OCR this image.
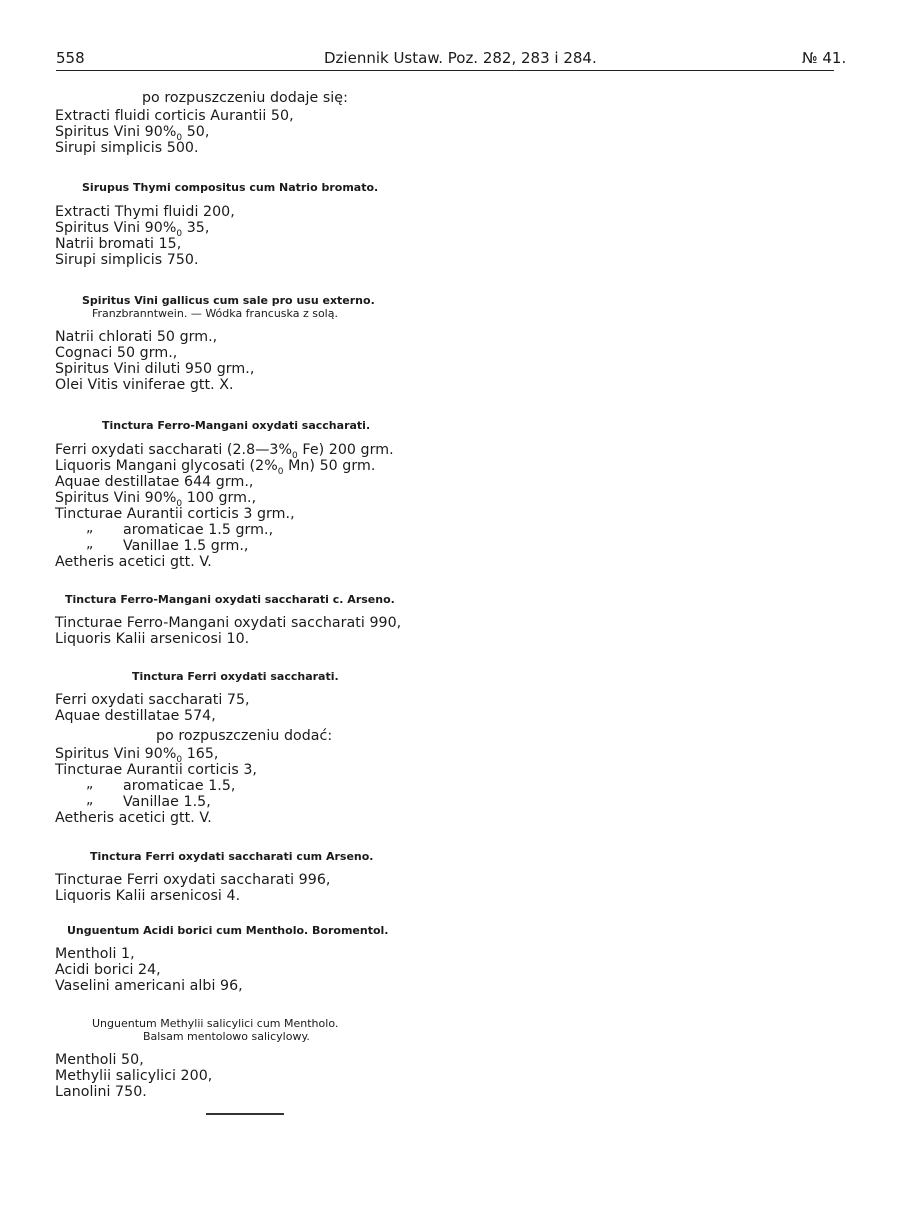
558	Dziennik Ustaw. Poz. 282, 283 i 284.	№ 41.
po rozpuszczeniu dodaje się:
Extracti fluidi corticis Aurantii 50,
Spiritus Vini $90\%_0$ 50,
Sirupi simplicis 500.
Sirupus Thymi compositus cum Natrio bromato.
Extracti Thymi fluidi 200,
Spiritus Vini $90\%_0$ 35,
Natrii bromati 15,
Sirupi simplicis 750.
Spiritus Vini gallicus cum sale pro usu externo.
Franzbranntwein. — Wódka francuska z solą.
Natrii chlorati 50 grm.,
Cognaci 50 grm.,
Spiritus Vini diluti 950 grm.,
Olei Vitis viniferae gtt. X.
Tinctura Ferro-Mangani oxydati saccharati.
Ferri oxydati saccharati ($2.8—3\%_0$ Fe) 200 grm.
Liquoris Mangani glycosati ($2\%_0$ Mn) 50 grm.
Aquae destillatae 644 grm.,
Spiritus Vini $90\%_0$ 100 grm.,
Tincturae Aurantii corticis 3 grm.,
„ aromaticae 1.5 grm.,
„ Vanillae 1.5 grm.,
Aetheris acetici gtt. V.
Tinctura Ferro-Mangani oxydati saccharati c. Arseno.
Tincturae Ferro-Mangani oxydati saccharati 990,
Liquoris Kalii arsenicosi 10.
Tinctura Ferri oxydati saccharati.
Ferri oxydati saccharati 75,
Aquae destillatae 574,
po rozpuszczeniu dodać:
Spiritus Vini $90\%_0$ 165,
Tincturae Aurantii corticis 3,
„ aromaticae 1.5,
„ Vanillae 1.5,
Aetheris acetici gtt. V.
Tinctura Ferri oxydati saccharati cum Arseno.
Tincturae Ferri oxydati saccharati 996,
Liquoris Kalii arsenicosi 4.
Unguentum Acidi borici cum Mentholo. Boromentol.
Mentholi 1,
Acidi borici 24,
Vaselini americani albi 96,
Unguentum Methylii salicylici cum Mentholo.
Balsam mentolowo salicylowy.
Mentholi 50,
Methylii salicylici 200,
Lanolini 750.
